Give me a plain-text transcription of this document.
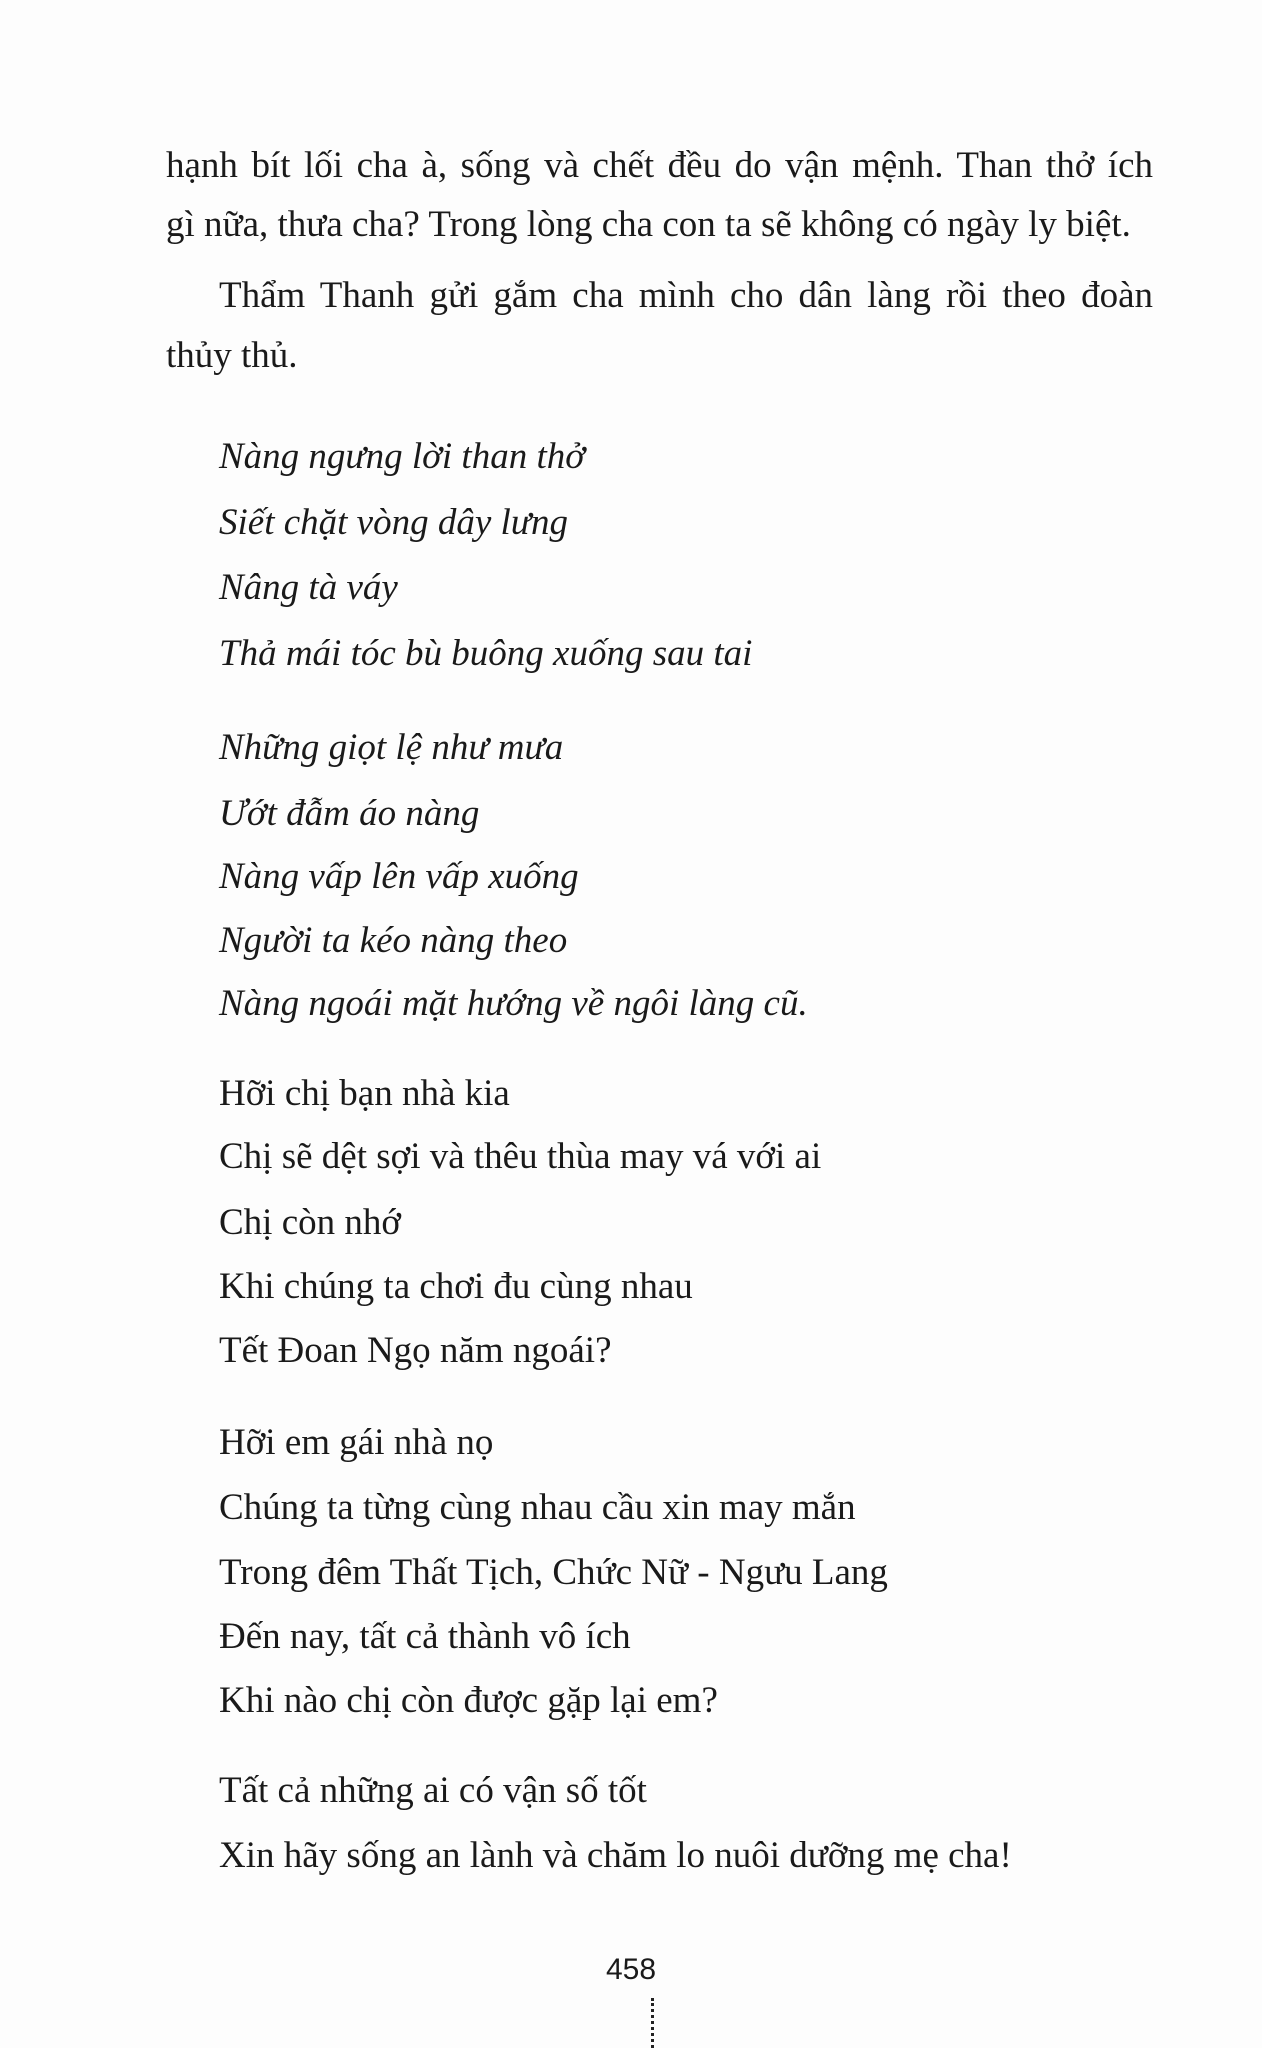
hạnh bít lối cha à, sống và chết đều do vận mệnh. Than thở ích
gì nữa, thưa cha? Trong lòng cha con ta sẽ không có ngày ly biệt.
Thẩm Thanh gửi gắm cha mình cho dân làng rồi theo đoàn
thủy thủ.
Nàng ngưng lời than thở
Siết chặt vòng dây lưng
Nâng tà váy
Thả mái tóc bù buông xuống sau tai
Những giọt lệ như mưa
Ướt đẫm áo nàng
Nàng vấp lên vấp xuống
Người ta kéo nàng theo
Nàng ngoái mặt hướng về ngôi làng cũ.
Hỡi chị bạn nhà kia
Chị sẽ dệt sợi và thêu thùa may vá với ai
Chị còn nhớ
Khi chúng ta chơi đu cùng nhau
Tết Đoan Ngọ năm ngoái?
Hỡi em gái nhà nọ
Chúng ta từng cùng nhau cầu xin may mắn
Trong đêm Thất Tịch, Chức Nữ - Ngưu Lang
Đến nay, tất cả thành vô ích
Khi nào chị còn được gặp lại em?
Tất cả những ai có vận số tốt
Xin hãy sống an lành và chăm lo nuôi dưỡng mẹ cha!
458
